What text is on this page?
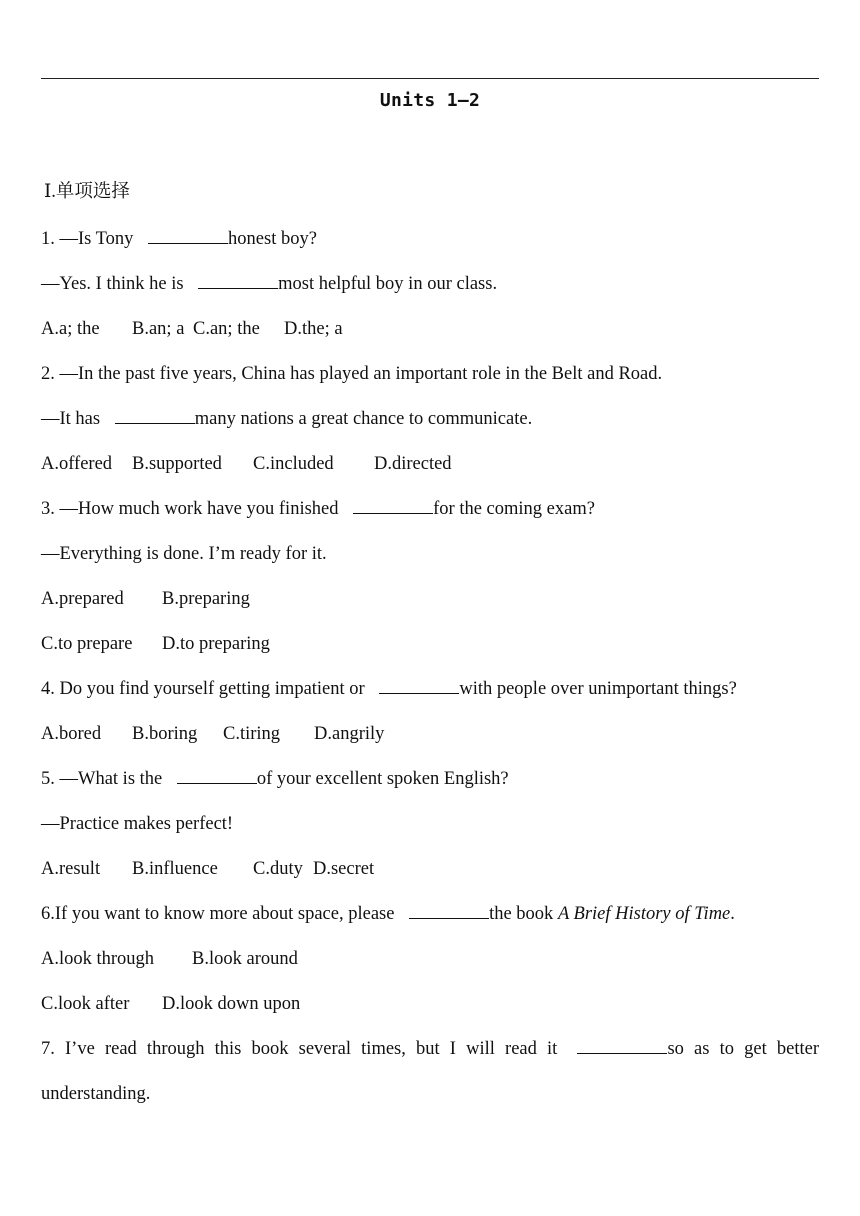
Units 1—2
Ⅰ.单项选择
1. —Is Tony	honest boy?
—Yes. I think he is	most helpful boy in our class.
A.a; the B.an; a C.an; the D.the; a
2. —In the past five years, China has played an important role in the Belt and Road.
—It has	many nations a great chance to communicate.
A.offered B.supported C.included D.directed
3. —How much work have you finished	for the coming exam?
—Everything is done. I’m ready for it.
A.prepared B.preparing
C.to prepare D.to preparing
4. Do you find yourself getting impatient or	with people over unimportant things?
A.bored B.boring C.tiring D.angrily
5. —What is the	of your excellent spoken English?
—Practice makes perfect!
A.result B.influence C.duty D.secret
6.If you want to know more about space, please	the book A Brief History of Time.
A.look through B.look around
C.look after D.look down upon
7. I’ve read through this book several times, but I will read it	so as to get better
understanding.
